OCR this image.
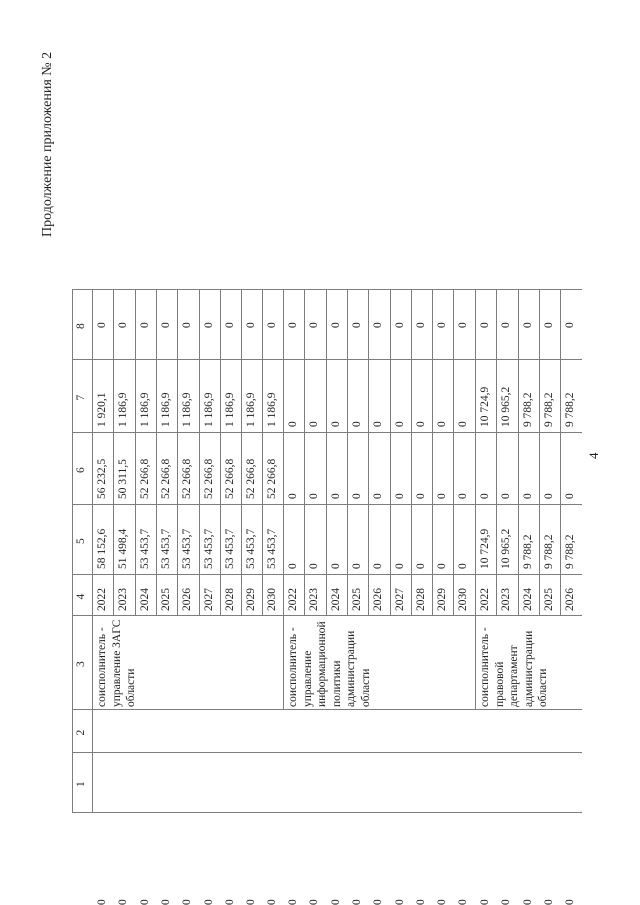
4
Продолжение приложения № 2
1
2
3
4
5
6
7
8
соисполнитель - управление ЗАГС области
2022
58 152,6
56 232,5
1 920,1
0
0
2023
51 498,4
50 311,5
1 186,9
0
0
2024
53 453,7
52 266,8
1 186,9
0
0
2025
53 453,7
52 266,8
1 186,9
0
0
2026
53 453,7
52 266,8
1 186,9
0
0
2027
53 453,7
52 266,8
1 186,9
0
0
2028
53 453,7
52 266,8
1 186,9
0
0
2029
53 453,7
52 266,8
1 186,9
0
0
2030
53 453,7
52 266,8
1 186,9
0
0
соисполнитель - управление информационной политики администрации области
2022
0
0
0
0
0
2023
0
0
0
0
0
2024
0
0
0
0
0
2025
0
0
0
0
0
2026
0
0
0
0
0
2027
0
0
0
0
0
2028
0
0
0
0
0
2029
0
0
0
0
0
2030
0
0
0
0
0
соисполнитель - правовой департамент администрации области
2022
10 724,9
0
10 724,9
0
0
2023
10 965,2
0
10 965,2
0
0
2024
9 788,2
0
9 788,2
0
0
2025
9 788,2
0
9 788,2
0
0
2026
9 788,2
0
9 788,2
0
0
